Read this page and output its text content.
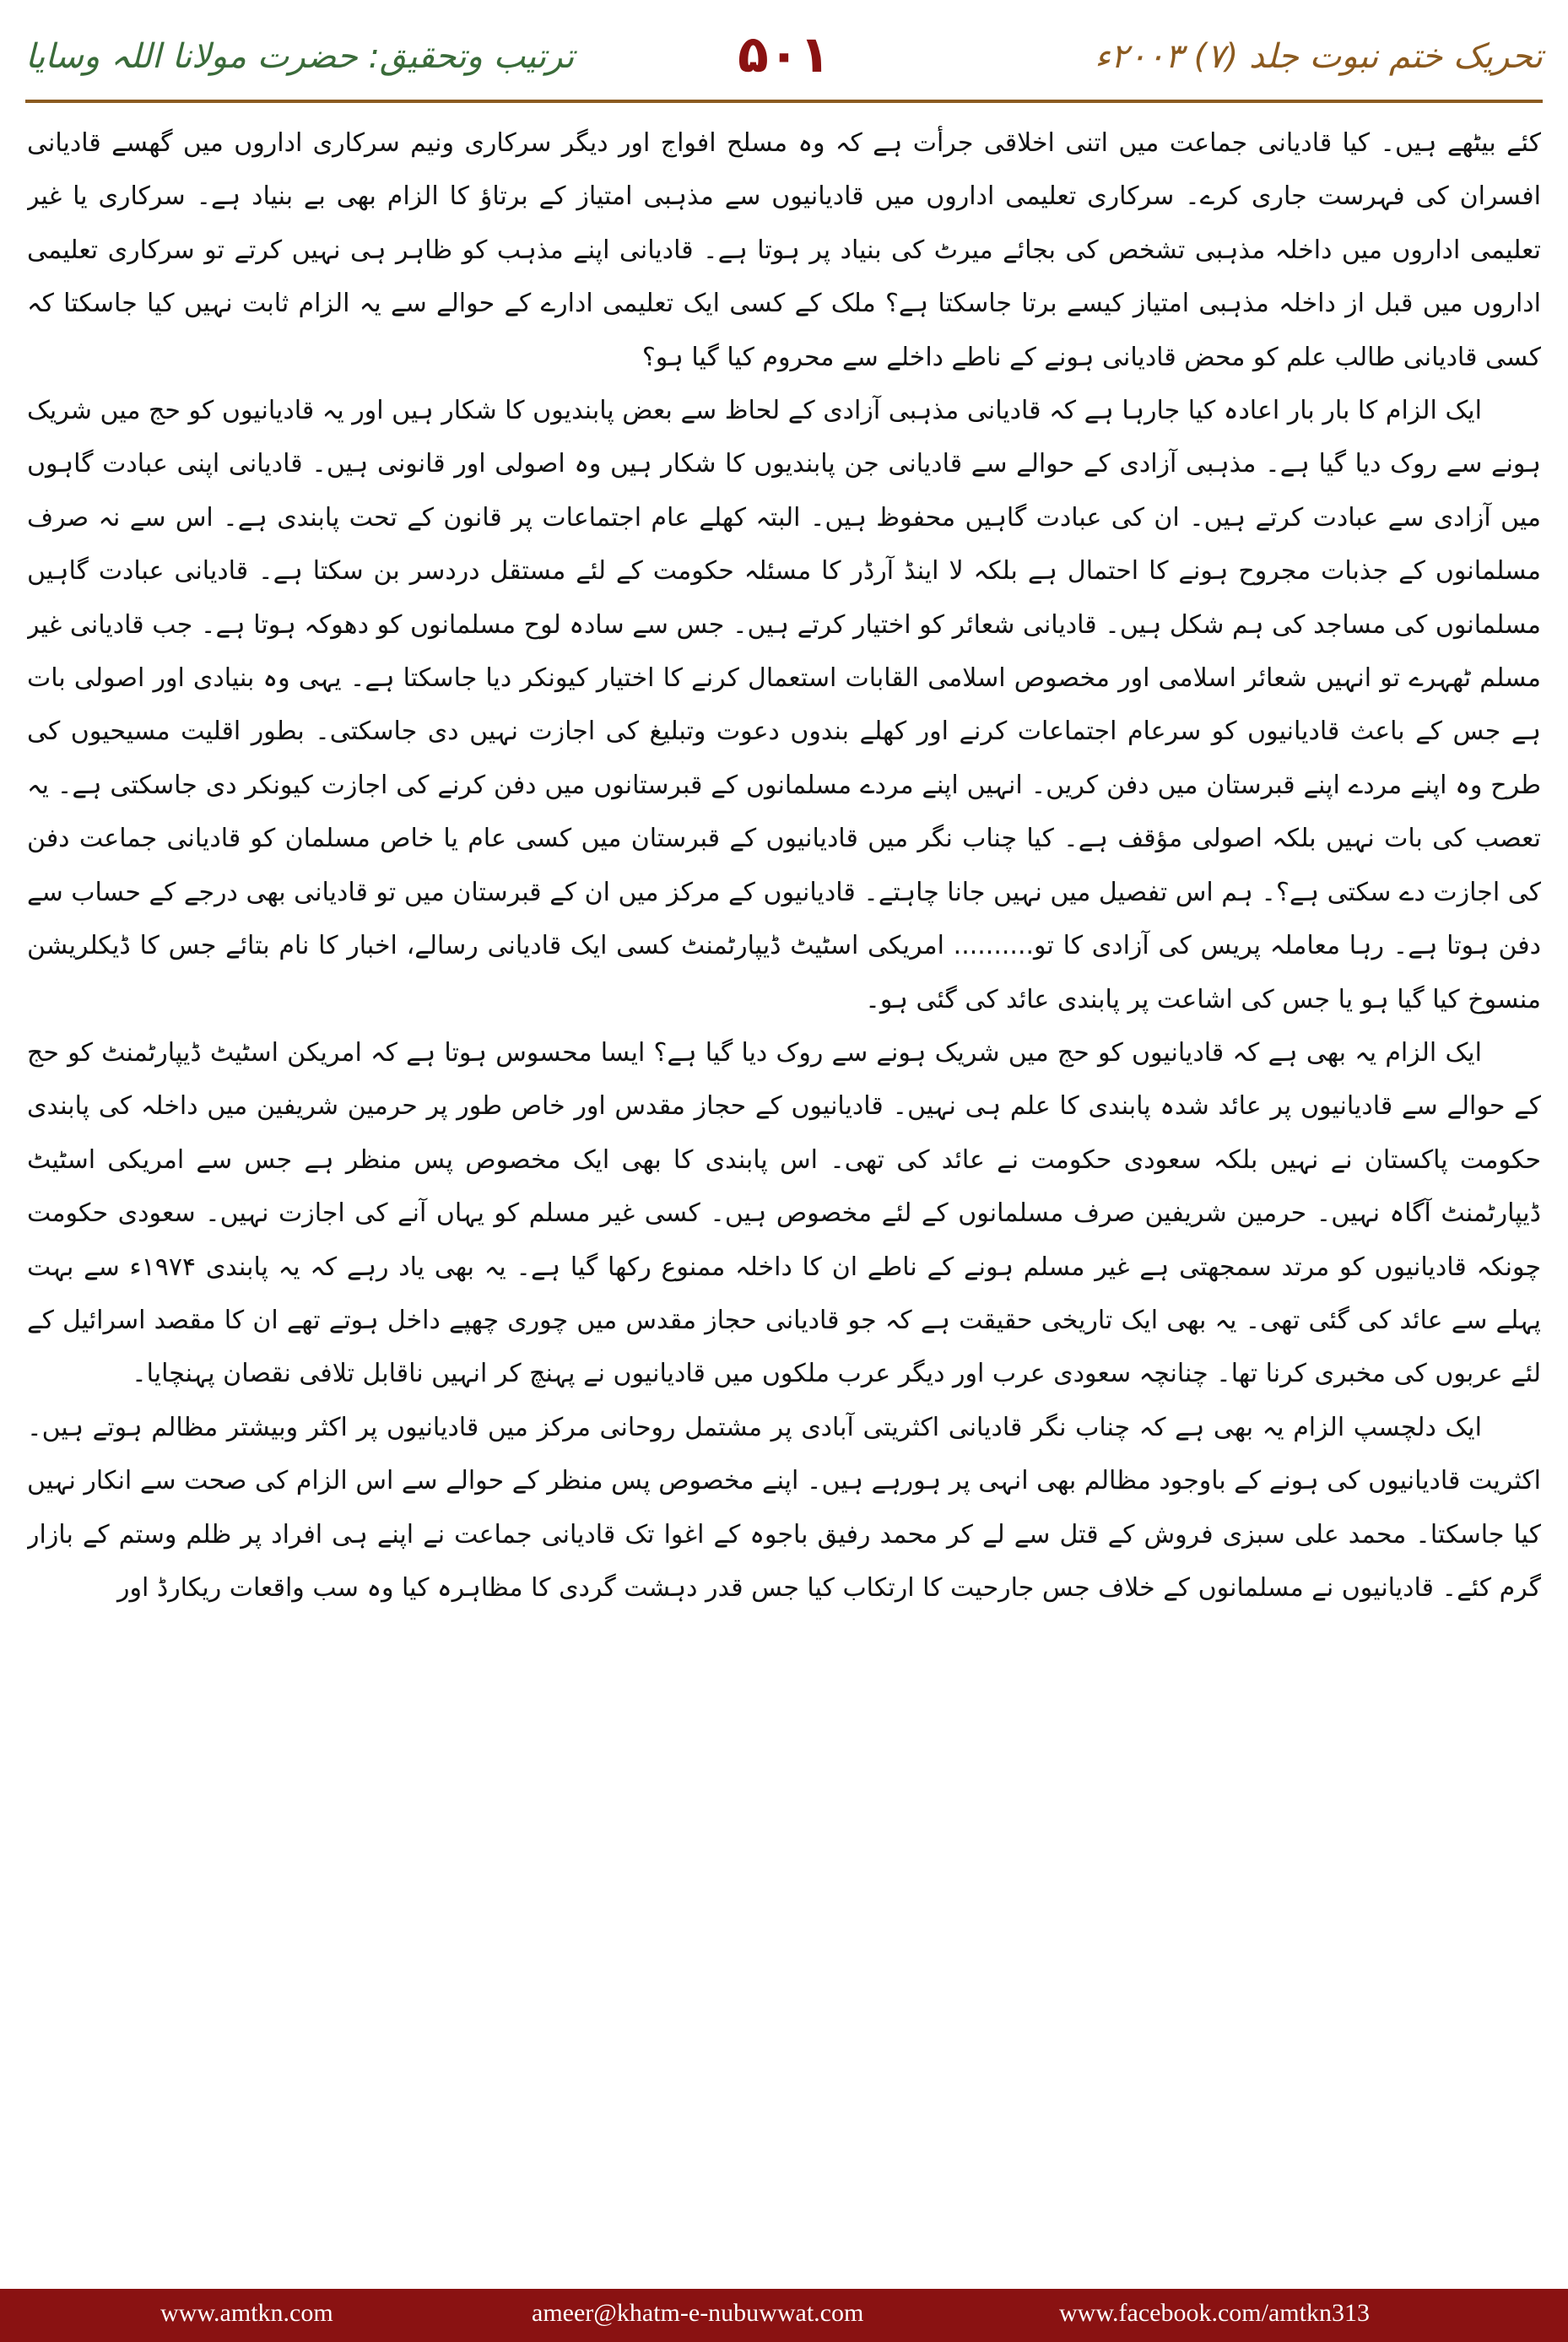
تحریک ختم نبوت جلد (۷) ۲۰۰۳ء
۵۰۱
ترتیب وتحقیق: حضرت مولانا اللہ وسایا

کئے بیٹھے ہیں۔ کیا قادیانی جماعت میں اتنی اخلاقی جرأت ہے کہ وہ مسلح افواج اور دیگر سرکاری ونیم سرکاری اداروں میں گھسے قادیانی افسران کی فہرست جاری کرے۔ سرکاری تعلیمی اداروں میں قادیانیوں سے مذہبی امتیاز کے برتاؤ کا الزام بھی بے بنیاد ہے۔ سرکاری یا غیر تعلیمی اداروں میں داخلہ مذہبی تشخص کی بجائے میرٹ کی بنیاد پر ہوتا ہے۔ قادیانی اپنے مذہب کو ظاہر ہی نہیں کرتے تو سرکاری تعلیمی اداروں میں قبل از داخلہ مذہبی امتیاز کیسے برتا جاسکتا ہے؟ ملک کے کسی ایک تعلیمی ادارے کے حوالے سے یہ الزام ثابت نہیں کیا جاسکتا کہ کسی قادیانی طالب علم کو محض قادیانی ہونے کے ناطے داخلے سے محروم کیا گیا ہو؟

ایک الزام کا بار بار اعادہ کیا جارہا ہے کہ قادیانی مذہبی آزادی کے لحاظ سے بعض پابندیوں کا شکار ہیں اور یہ قادیانیوں کو حج میں شریک ہونے سے روک دیا گیا ہے۔ مذہبی آزادی کے حوالے سے قادیانی جن پابندیوں کا شکار ہیں وہ اصولی اور قانونی ہیں۔ قادیانی اپنی عبادت گاہوں میں آزادی سے عبادت کرتے ہیں۔ ان کی عبادت گاہیں محفوظ ہیں۔ البتہ کھلے عام اجتماعات پر قانون کے تحت پابندی ہے۔ اس سے نہ صرف مسلمانوں کے جذبات مجروح ہونے کا احتمال ہے بلکہ لا اینڈ آرڈر کا مسئلہ حکومت کے لئے مستقل دردسر بن سکتا ہے۔ قادیانی عبادت گاہیں مسلمانوں کی مساجد کی ہم شکل ہیں۔ قادیانی شعائر کو اختیار کرتے ہیں۔ جس سے سادہ لوح مسلمانوں کو دھوکہ ہوتا ہے۔ جب قادیانی غیر مسلم ٹھہرے تو انہیں شعائر اسلامی اور مخصوص اسلامی القابات استعمال کرنے کا اختیار کیونکر دیا جاسکتا ہے۔ یہی وہ بنیادی اور اصولی بات ہے جس کے باعث قادیانیوں کو سرعام اجتماعات کرنے اور کھلے بندوں دعوت وتبلیغ کی اجازت نہیں دی جاسکتی۔ بطور اقلیت مسیحیوں کی طرح وہ اپنے مردے اپنے قبرستان میں دفن کریں۔ انہیں اپنے مردے مسلمانوں کے قبرستانوں میں دفن کرنے کی اجازت کیونکر دی جاسکتی ہے۔ یہ تعصب کی بات نہیں بلکہ اصولی مؤقف ہے۔ کیا چناب نگر میں قادیانیوں کے قبرستان میں کسی عام یا خاص مسلمان کو قادیانی جماعت دفن کی اجازت دے سکتی ہے؟۔ ہم اس تفصیل میں نہیں جانا چاہتے۔ قادیانیوں کے مرکز میں ان کے قبرستان میں تو قادیانی بھی درجے کے حساب سے دفن ہوتا ہے۔ رہا معاملہ پریس کی آزادی کا تو.......... امریکی اسٹیٹ ڈیپارٹمنٹ کسی ایک قادیانی رسالے، اخبار کا نام بتائے جس کا ڈیکلریشن منسوخ کیا گیا ہو یا جس کی اشاعت پر پابندی عائد کی گئی ہو۔

ایک الزام یہ بھی ہے کہ قادیانیوں کو حج میں شریک ہونے سے روک دیا گیا ہے؟ ایسا محسوس ہوتا ہے کہ امریکن اسٹیٹ ڈیپارٹمنٹ کو حج کے حوالے سے قادیانیوں پر عائد شدہ پابندی کا علم ہی نہیں۔ قادیانیوں کے حجاز مقدس اور خاص طور پر حرمین شریفین میں داخلہ کی پابندی حکومت پاکستان نے نہیں بلکہ سعودی حکومت نے عائد کی تھی۔ اس پابندی کا بھی ایک مخصوص پس منظر ہے جس سے امریکی اسٹیٹ ڈیپارٹمنٹ آگاہ نہیں۔ حرمین شریفین صرف مسلمانوں کے لئے مخصوص ہیں۔ کسی غیر مسلم کو یہاں آنے کی اجازت نہیں۔ سعودی حکومت چونکہ قادیانیوں کو مرتد سمجھتی ہے غیر مسلم ہونے کے ناطے ان کا داخلہ ممنوع رکھا گیا ہے۔ یہ بھی یاد رہے کہ یہ پابندی ۱۹۷۴ء سے بہت پہلے سے عائد کی گئی تھی۔ یہ بھی ایک تاریخی حقیقت ہے کہ جو قادیانی حجاز مقدس میں چوری چھپے داخل ہوتے تھے ان کا مقصد اسرائیل کے لئے عربوں کی مخبری کرنا تھا۔ چنانچہ سعودی عرب اور دیگر عرب ملکوں میں قادیانیوں نے پہنچ کر انہیں ناقابل تلافی نقصان پہنچایا۔

ایک دلچسپ الزام یہ بھی ہے کہ چناب نگر قادیانی اکثریتی آبادی پر مشتمل روحانی مرکز میں قادیانیوں پر اکثر وبیشتر مظالم ہوتے ہیں۔ اکثریت قادیانیوں کی ہونے کے باوجود مظالم بھی انہی پر ہورہے ہیں۔ اپنے مخصوص پس منظر کے حوالے سے اس الزام کی صحت سے انکار نہیں کیا جاسکتا۔ محمد علی سبزی فروش کے قتل سے لے کر محمد رفیق باجوہ کے اغوا تک قادیانی جماعت نے اپنے ہی افراد پر ظلم وستم کے بازار گرم کئے۔ قادیانیوں نے مسلمانوں کے خلاف جس جارحیت کا ارتکاب کیا جس قدر دہشت گردی کا مظاہرہ کیا وہ سب واقعات ریکارڈ اور

www.amtkn.com	ameer@khatm-e-nubuwwat.com	www.facebook.com/amtkn313
